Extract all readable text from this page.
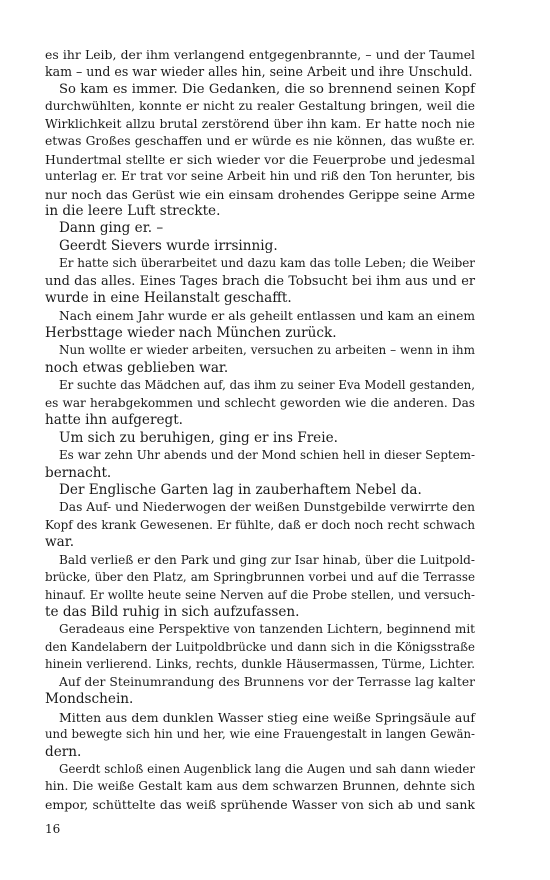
es ihr Leib, der ihm verlangend entgegenbrannte, – und der Taumel
kam – und es war wieder alles hin, seine Arbeit und ihre Unschuld.
So kam es immer. Die Gedanken, die so brennend seinen Kopf
durchwühlten, konnte er nicht zu realer Gestaltung bringen, weil die
Wirklichkeit allzu brutal zerstörend über ihn kam. Er hatte noch nie
etwas Großes geschaffen und er würde es nie können, das wußte er.
Hundertmal stellte er sich wieder vor die Feuerprobe und jedesmal
unterlag er. Er trat vor seine Arbeit hin und riß den Ton herunter, bis
nur noch das Gerüst wie ein einsam drohendes Gerippe seine Arme
in die leere Luft streckte.
Dann ging er. –
Geerdt Sievers wurde irrsinnig.
Er hatte sich überarbeitet und dazu kam das tolle Leben; die Weiber
und das alles. Eines Tages brach die Tobsucht bei ihm aus und er
wurde in eine Heilanstalt geschafft.
Nach einem Jahr wurde er als geheilt entlassen und kam an einem
Herbsttage wieder nach München zurück.
Nun wollte er wieder arbeiten, versuchen zu arbeiten – wenn in ihm
noch etwas geblieben war.
Er suchte das Mädchen auf, das ihm zu seiner Eva Modell gestanden,
es war herabgekommen und schlecht geworden wie die anderen. Das
hatte ihn aufgeregt.
Um sich zu beruhigen, ging er ins Freie.
Es war zehn Uhr abends und der Mond schien hell in dieser Septem-
bernacht.
Der Englische Garten lag in zauberhaftem Nebel da.
Das Auf- und Niederwogen der weißen Dunstgebilde verwirrte den
Kopf des krank Gewesenen. Er fühlte, daß er doch noch recht schwach
war.
Bald verließ er den Park und ging zur Isar hinab, über die Luitpold-
brücke, über den Platz, am Springbrunnen vorbei und auf die Terrasse
hinauf. Er wollte heute seine Nerven auf die Probe stellen, und versuch-
te das Bild ruhig in sich aufzufassen.
Geradeaus eine Perspektive von tanzenden Lichtern, beginnend mit
den Kandelabern der Luitpoldbrücke und dann sich in die Königsstraße
hinein verlierend. Links, rechts, dunkle Häusermassen, Türme, Lichter.
Auf der Steinumrandung des Brunnens vor der Terrasse lag kalter
Mondschein.
Mitten aus dem dunklen Wasser stieg eine weiße Springsäule auf
und bewegte sich hin und her, wie eine Frauengestalt in langen Gewän-
dern.
Geerdt schloß einen Augenblick lang die Augen und sah dann wieder
hin. Die weiße Gestalt kam aus dem schwarzen Brunnen, dehnte sich
empor, schüttelte das weiß sprühende Wasser von sich ab und sank
16
